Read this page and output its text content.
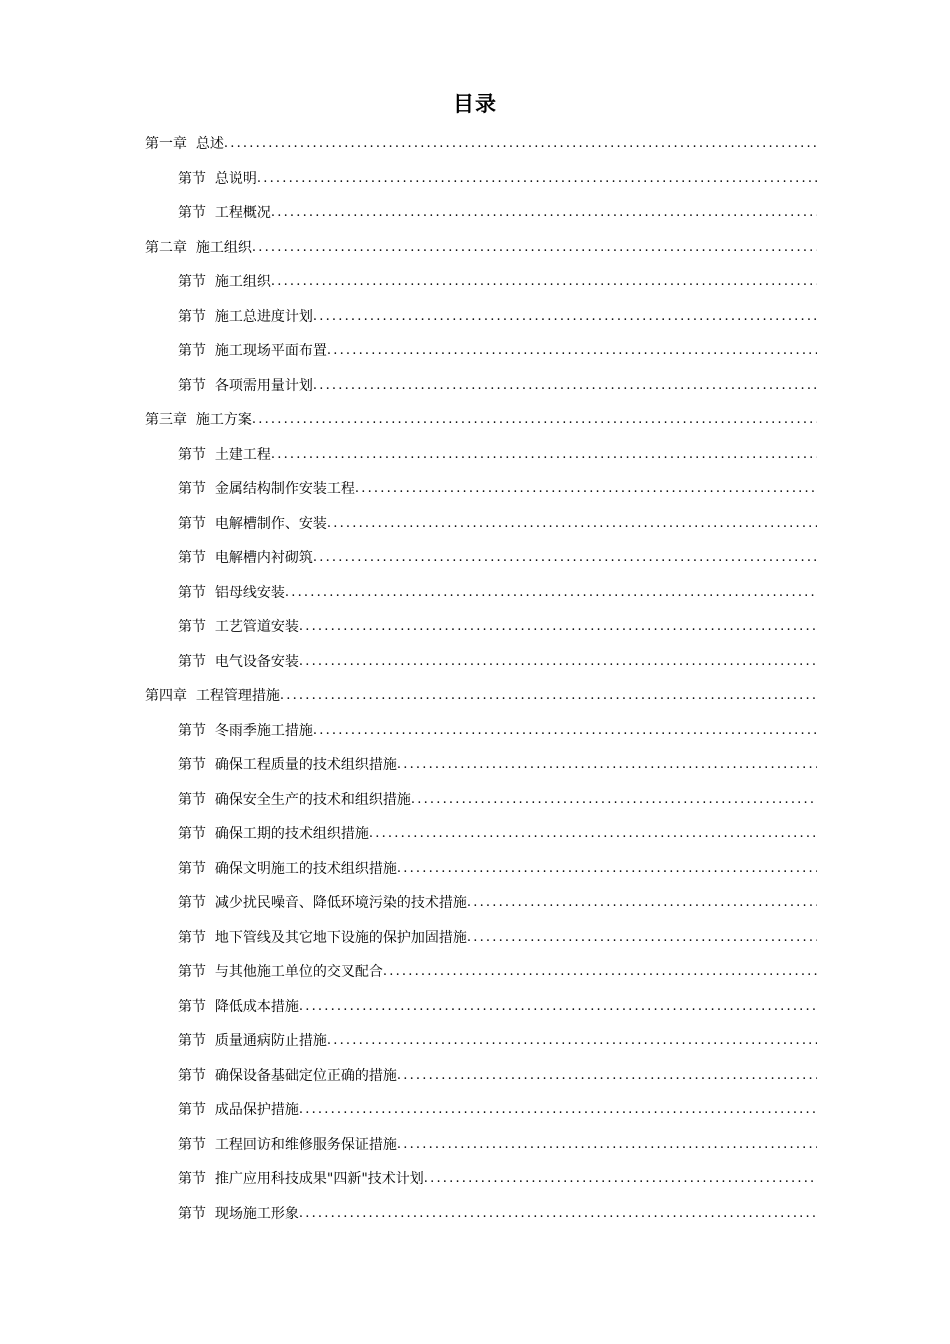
目录
第一章  总述
.....
第节  总说明
.....
第节  工程概况
.....
第二章  施工组织
.....
第节  施工组织
.....
第节  施工总进度计划
.....
第节  施工现场平面布置
.....
第节  各项需用量计划
.....
第三章  施工方案
.....
第节  土建工程
.....
第节  金属结构制作安装工程
.....
第节  电解槽制作、安装
.....
第节  电解槽内衬砌筑
.....
第节  铝母线安装
.....
第节  工艺管道安装
.....
第节  电气设备安装
.....
第四章  工程管理措施
.....
第节  冬雨季施工措施
.....
第节  确保工程质量的技术组织措施
.....
第节  确保安全生产的技术和组织措施
.....
第节  确保工期的技术组织措施
.....
第节  确保文明施工的技术组织措施
.....
第节  减少扰民噪音、降低环境污染的技术措施
.....
第节  地下管线及其它地下设施的保护加固措施
.....
第节  与其他施工单位的交叉配合
.....
第节  降低成本措施
.....
第节  质量通病防止措施
.....
第节  确保设备基础定位正确的措施
.....
第节  成品保护措施
.....
第节  工程回访和维修服务保证措施
.....
第节  推广应用科技成果"四新"技术计划
.....
第节  现场施工形象
.....
